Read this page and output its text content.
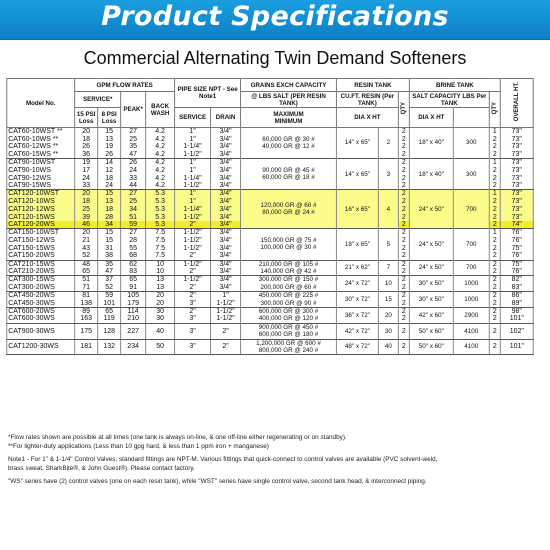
Product Specifications
Commercial Alternating Twin Demand Softeners
Model No.	GPM FLOW RATES				PIPE SIZE NPT - See Note1		GRAINS EXCH CAPACITY	RESIN TANK			BRINE TANK			OVERALL HT.
	SERVICE*		PEAK*	BACK WASH			@ LBS SALT (PER RESIN TANK)	CU.FT. RESIN (Per TANK)		QTY	SALT CAPACITY LBS Per TANK		QTY	
	15 PSI Loss	8 PSI Loss			SERVICE	DRAIN	MAXIMUM
MINIMUM	DIA X HT			DIA X HT			
CAT60-10WST **	20	15	27	4.2	1"	3/4"	60,000 GR @ 30 #
40,000 GR @ 12 #	14" x 65"	2	2	18" x 40"	300	1	73"
CAT60-10WS **	18	13	25	4.2	1"	3/4"				2			2	73"
CAT60-12WS **	26	19	35	4.2	1-1/4"	3/4"				2			2	73"
CAT60-15WS **	36	26	47	4.2	1-1/2"	3/4"				2			2	73"
CAT90-10WST	19	14	26	4.2	1"	3/4"	90,000 GR @ 45 #
60,000 GR @ 18 #	14" x 65"	3	2	18" x 40"	300	1	73"
CAT90-10WS	17	12	24	4.2	1"	3/4"				2			2	73"
CAT90-12WS	24	18	33	4.2	1-1/4"	3/4"				2			2	73"
CAT90-15WS	33	24	44	4.2	1-1/2"	3/4"				2			2	73"
CAT120-10WST	20	15	27	5.3	1"	3/4"	120,000 GR @ 60 #
80,000 GR @ 24 #	16" x 65"	4	2	24" x 50"	700	1	73"
CAT120-10WS	18	13	25	5.3	1"	3/4"				2			2	73"
CAT120-12WS	25	18	34	5.3	1-1/4"	3/4"				2			2	73"
CAT120-15WS	39	28	51	5.3	1-1/2"	3/4"				2			2	73"
CAT120-20WS	46	34	59	5.3	2"	3/4"				2			2	74"
CAT150-10WST	20	15	27	7.5	1-1/2"	3/4"	150,000 GR @ 75 #
100,000 GR @ 30 #	18" x 65"	5	2	24" x 50"	700	1	76"
CAT150-12WS	21	15	28	7.5	1-1/2"	3/4"				2			2	76"
CAT150-15WS	43	31	55	7.5	1-1/2"	3/4"				2			2	75"
CAT150-20WS	52	38	68	7.5	2"	3/4"				2			2	76"
CAT210-15WS	48	35	62	10	1-1/2"	3/4"	210,000 GR @ 105 #
140,000 GR @ 42 #	21" x 62"	7	2	24" x 50"	700	2	75"
CAT210-20WS	65	47	83	10	2"	3/4"				2			2	76"
CAT300-15WS	51	37	65	13	1-1/2"	3/4"	300,000 GR @ 150 #
200,000 GR @ 60 #	24" x 72"	10	2	30" x 50"	1000	2	82"
CAT300-20WS	71	52	91	13	2"	3/4"				2			2	83"
CAT450-20WS	81	59	105	20	2"	1"	450,000 GR @ 225 #
300,000 GR @ 90 #	30" x 72"	15	2	30" x 50"	1000	2	86"
CAT450-30WS	138	101	179	20	3"	1-1/2"				2			2	89"
CAT600-20WS	89	65	114	30	2"	1-1/2"	600,000 GR @ 300 #
400,000 GR @ 120 #	36" x 72"	20	2	42" x 60"	2900	2	98"
CAT600-30WS	163	119	210	30	3"	1-1/2"				2			2	101"
CAT900-30WS	175	128	227	40	3"	2"	900,000 GR @ 450 #
600,000 GR @ 180 #	42" x 72"	30	2	50" x 60"	4100	2	102"
CAT1200-30WS	181	132	234	50	3"	2"	1,200,000 GR @ 600 #
800,000 GR @ 240 #	48" x 72"	40	2	50" x 60"	4100	2	101"

*Flow rates shown are possible at all times (one tank is always on-line, & one off-line either regenerating or on standby).

**For lighter-duty applications (Less than 10 gpg hard, & less than 1 ppm iron + manganese)

Note1 - For 1" & 1-1/4" Control Valves, standard fittings are NPT-M. Various fittings that quick-connect to control valves are available (PVC solvent-weld,

brass sweat, SharkBite®, & John Guest®). Please contact factory.

"WS" series have (2) control valves (one on each resin tank), while "WST" series have single control valve, second tank head, & interconnect piping.
